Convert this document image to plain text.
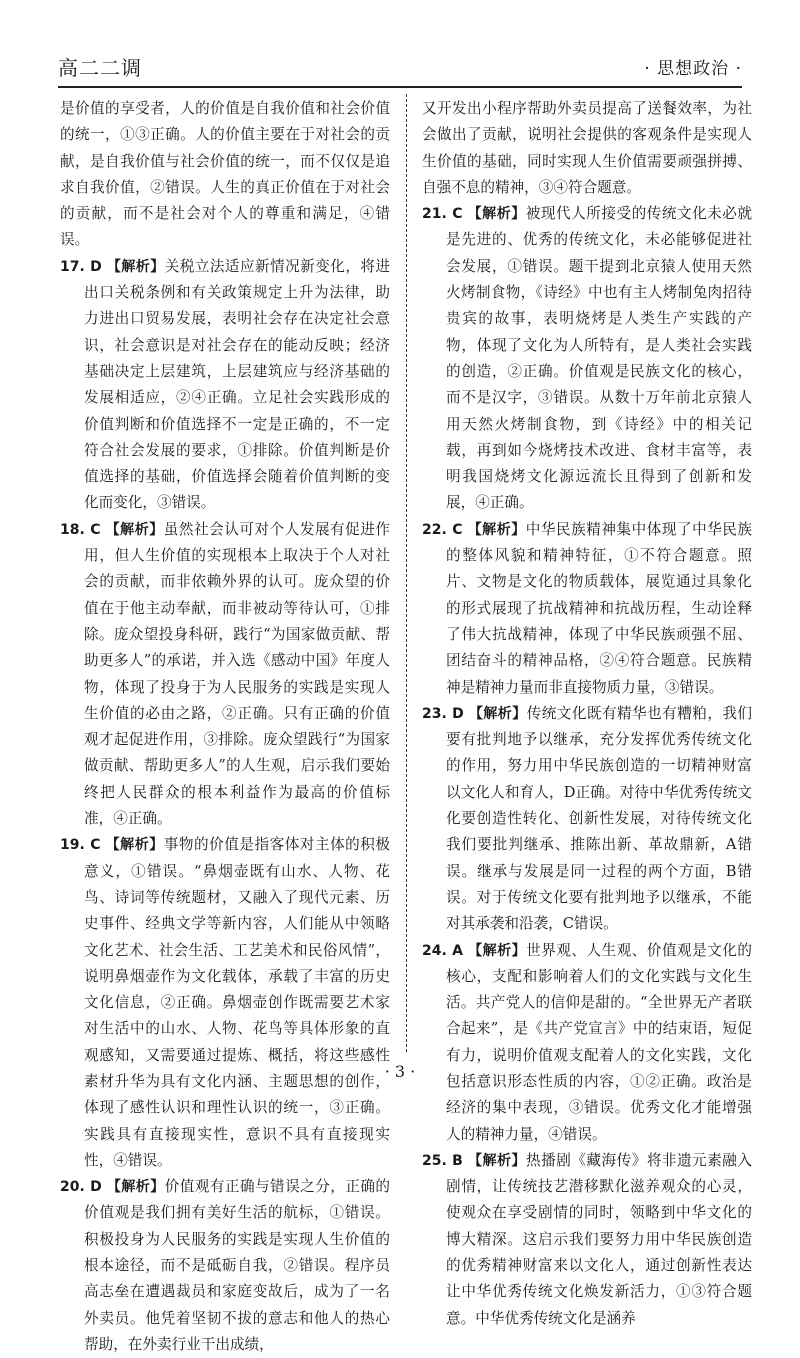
高二二调	· 思想政治 ·

是价值的享受者，人的价值是自我价值和社会价值的统一，①③正确。人的价值主要在于对社会的贡献，是自我价值与社会价值的统一，而不仅仅是追求自我价值，②错误。人生的真正价值在于对社会的贡献，而不是社会对个人的尊重和满足，④错误。

17. D 【解析】关税立法适应新情况新变化，将进出口关税条例和有关政策规定上升为法律，助力进出口贸易发展，表明社会存在决定社会意识，社会意识是对社会存在的能动反映；经济基础决定上层建筑，上层建筑应与经济基础的发展相适应，②④正确。立足社会实践形成的价值判断和价值选择不一定是正确的，不一定符合社会发展的要求，①排除。价值判断是价值选择的基础，价值选择会随着价值判断的变化而变化，③错误。

18. C 【解析】虽然社会认可对个人发展有促进作用，但人生价值的实现根本上取决于个人对社会的贡献，而非依赖外界的认可。庞众望的价值在于他主动奉献，而非被动等待认可，①排除。庞众望投身科研，践行“为国家做贡献、帮助更多人”的承诺，并入选《感动中国》年度人物，体现了投身于为人民服务的实践是实现人生价值的必由之路，②正确。只有正确的价值观才起促进作用，③排除。庞众望践行“为国家做贡献、帮助更多人”的人生观，启示我们要始终把人民群众的根本利益作为最高的价值标准，④正确。

19. C 【解析】事物的价值是指客体对主体的积极意义，①错误。“鼻烟壶既有山水、人物、花鸟、诗词等传统题材，又融入了现代元素、历史事件、经典文学等新内容，人们能从中领略文化艺术、社会生活、工艺美术和民俗风情”，说明鼻烟壶作为文化载体，承载了丰富的历史文化信息，②正确。鼻烟壶创作既需要艺术家对生活中的山水、人物、花鸟等具体形象的直观感知，又需要通过提炼、概括，将这些感性素材升华为具有文化内涵、主题思想的创作，体现了感性认识和理性认识的统一，③正确。实践具有直接现实性，意识不具有直接现实性，④错误。

20. D 【解析】价值观有正确与错误之分，正确的价值观是我们拥有美好生活的航标，①错误。积极投身为人民服务的实践是实现人生价值的根本途径，而不是砥砺自我，②错误。程序员高志垒在遭遇裁员和家庭变故后，成为了一名外卖员。他凭着坚韧不拔的意志和他人的热心帮助，在外卖行业干出成绩，

又开发出小程序帮助外卖员提高了送餐效率，为社会做出了贡献，说明社会提供的客观条件是实现人生价值的基础，同时实现人生价值需要顽强拼搏、自强不息的精神，③④符合题意。

21. C 【解析】被现代人所接受的传统文化未必就是先进的、优秀的传统文化，未必能够促进社会发展，①错误。题干提到北京猿人使用天然火烤制食物，《诗经》中也有主人烤制兔肉招待贵宾的故事，表明烧烤是人类生产实践的产物，体现了文化为人所特有，是人类社会实践的创造，②正确。价值观是民族文化的核心，而不是汉字，③错误。从数十万年前北京猿人用天然火烤制食物，到《诗经》中的相关记载，再到如今烧烤技术改进、食材丰富等，表明我国烧烤文化源远流长且得到了创新和发展，④正确。

22. C 【解析】中华民族精神集中体现了中华民族的整体风貌和精神特征，①不符合题意。照片、文物是文化的物质载体，展览通过具象化的形式展现了抗战精神和抗战历程，生动诠释了伟大抗战精神，体现了中华民族顽强不屈、团结奋斗的精神品格，②④符合题意。民族精神是精神力量而非直接物质力量，③错误。

23. D 【解析】传统文化既有精华也有糟粕，我们要有批判地予以继承，充分发挥优秀传统文化的作用，努力用中华民族创造的一切精神财富以文化人和育人，D正确。对待中华优秀传统文化要创造性转化、创新性发展，对待传统文化我们要批判继承、推陈出新、革故鼎新，A错误。继承与发展是同一过程的两个方面，B错误。对于传统文化要有批判地予以继承，不能对其承袭和沿袭，C错误。

24. A 【解析】世界观、人生观、价值观是文化的核心，支配和影响着人们的文化实践与文化生活。共产党人的信仰是甜的。“全世界无产者联合起来”，是《共产党宣言》中的结束语，短促有力，说明价值观支配着人的文化实践，文化包括意识形态性质的内容，①②正确。政治是经济的集中表现，③错误。优秀文化才能增强人的精神力量，④错误。

25. B 【解析】热播剧《藏海传》将非遗元素融入剧情，让传统技艺潜移默化滋养观众的心灵，使观众在享受剧情的同时，领略到中华文化的博大精深。这启示我们要努力用中华民族创造的优秀精神财富来以文化人，通过创新性表达让中华优秀传统文化焕发新活力，①③符合题意。中华优秀传统文化是涵养

· 3 ·
